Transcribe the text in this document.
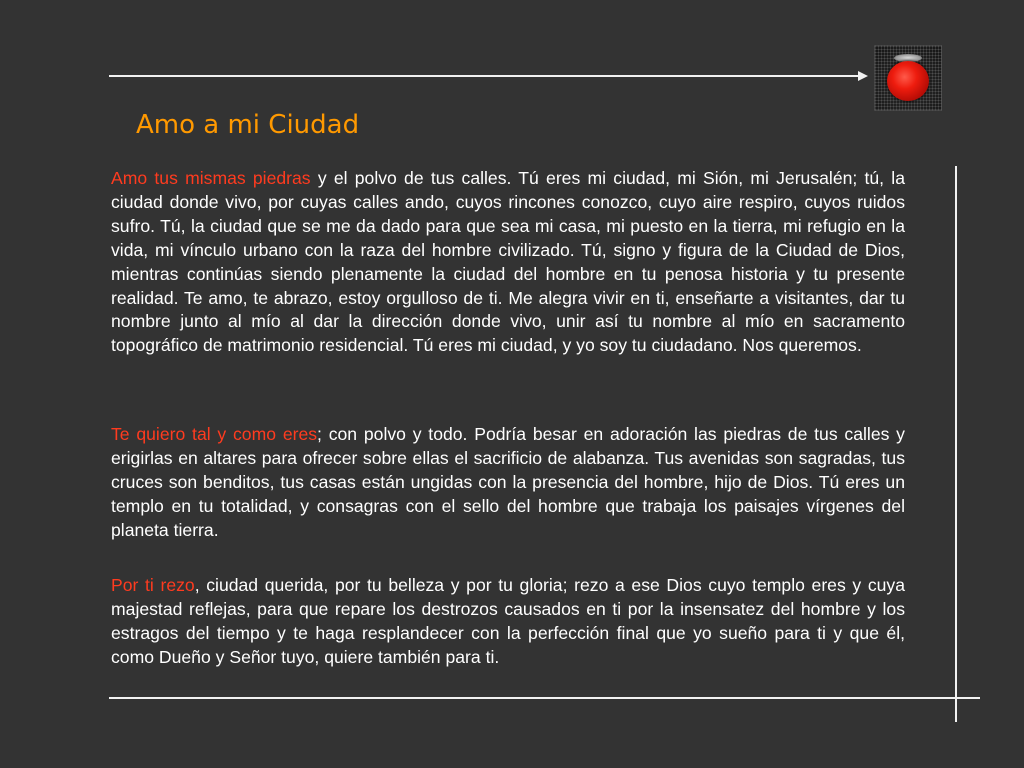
Amo a mi Ciudad

Amo tus mismas piedras y el polvo de tus calles. Tú eres mi ciudad, mi Sión, mi Jerusalén; tú, la ciudad donde vivo, por cuyas calles ando, cuyos rincones conozco, cuyo aire respiro, cuyos ruidos sufro. Tú, la ciudad que se me da dado para que sea mi casa, mi puesto en la tierra, mi refugio en la vida, mi vínculo urbano con la raza del hombre civilizado. Tú, signo y figura de la Ciudad de Dios, mientras continúas siendo plenamente la ciudad del hombre en tu penosa historia y tu presente realidad. Te amo, te abrazo, estoy orgulloso de ti. Me alegra vivir en ti, enseñarte a visitantes, dar tu nombre junto al mío al dar la dirección donde vivo, unir así tu nombre al mío en sacramento topográfico de matrimonio residencial. Tú eres mi ciudad, y yo soy tu ciudadano. Nos queremos.

Te quiero tal y como eres; con polvo y todo. Podría besar en adoración las piedras de tus calles y erigirlas en altares para ofrecer sobre ellas el sacrificio de alabanza. Tus avenidas son sagradas, tus cruces son benditos, tus casas están ungidas con la presencia del hombre, hijo de Dios. Tú eres un templo en tu totalidad, y consagras con el sello del hombre que trabaja los paisajes vírgenes del planeta tierra.

Por ti rezo, ciudad querida, por tu belleza y por tu gloria; rezo a ese Dios cuyo templo eres y cuya majestad reflejas, para que repare los destrozos causados en ti por la insensatez del hombre y los estragos del tiempo y te haga resplandecer con la perfección final que yo sueño para ti y que él, como Dueño y Señor tuyo, quiere también para ti.
